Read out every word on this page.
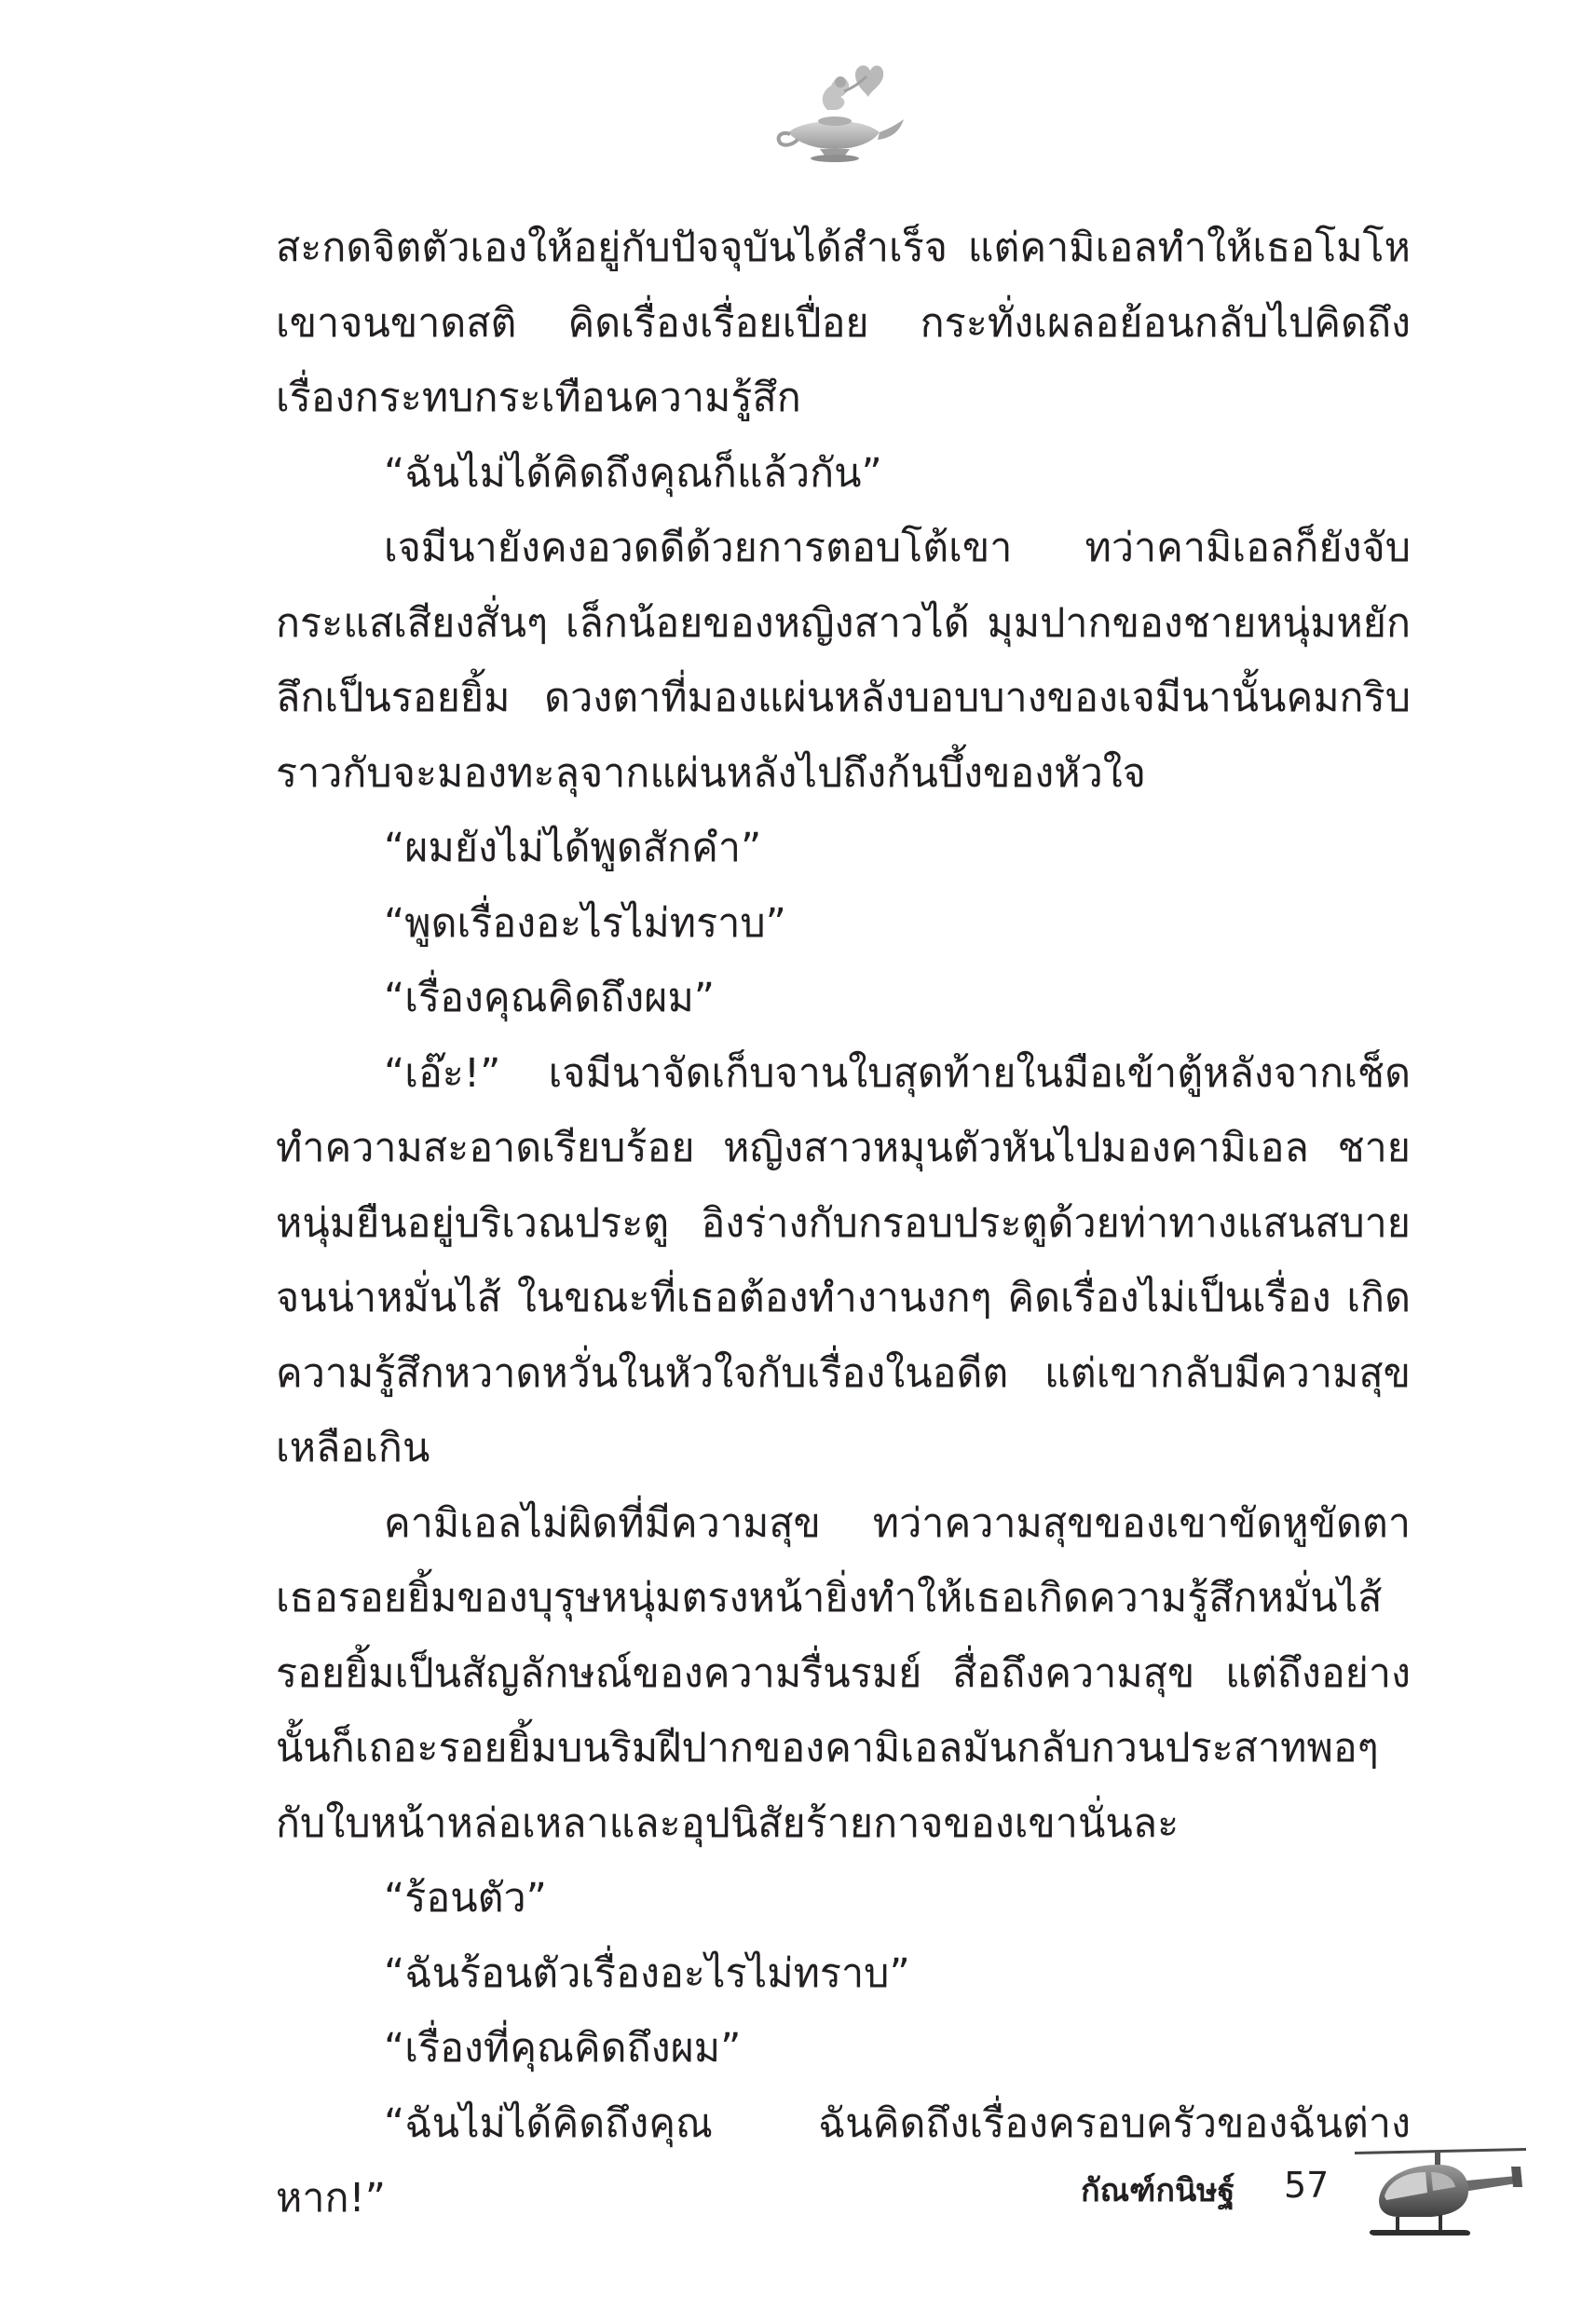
สะกดจิตตัวเองให้อยู่กับปัจจุบันได้สำเร็จ แต่คามิเอลทำให้เธอโมโหเขาจนขาดสติ คิดเรื่องเรื่อยเปื่อย กระทั่งเผลอย้อนกลับไปคิดถึงเรื่องกระทบกระเทือนความรู้สึก

“ฉันไม่ได้คิดถึงคุณก็แล้วกัน”

เจมีนายังคงอวดดีด้วยการตอบโต้เขา ทว่าคามิเอลก็ยังจับกระแสเสียงสั่นๆ เล็กน้อยของหญิงสาวได้ มุมปากของชายหนุ่มหยักลึกเป็นรอยยิ้ม ดวงตาที่มองแผ่นหลังบอบบางของเจมีนานั้นคมกริบราวกับจะมองทะลุจากแผ่นหลังไปถึงก้นบึ้งของหัวใจ

“ผมยังไม่ได้พูดสักคำ”

“พูดเรื่องอะไรไม่ทราบ”

“เรื่องคุณคิดถึงผม”

“เอ๊ะ!” เจมีนาจัดเก็บจานใบสุดท้ายในมือเข้าตู้หลังจากเช็ดทำความสะอาดเรียบร้อย หญิงสาวหมุนตัวหันไปมองคามิเอล ชายหนุ่มยืนอยู่บริเวณประตู อิงร่างกับกรอบประตูด้วยท่าทางแสนสบายจนน่าหมั่นไส้ ในขณะที่เธอต้องทำงานงกๆ คิดเรื่องไม่เป็นเรื่อง เกิดความรู้สึกหวาดหวั่นในหัวใจกับเรื่องในอดีต แต่เขากลับมีความสุขเหลือเกิน

คามิเอลไม่ผิดที่มีความสุข ทว่าความสุขของเขาขัดหูขัดตาเธอรอยยิ้มของบุรุษหนุ่มตรงหน้ายิ่งทำให้เธอเกิดความรู้สึกหมั่นไส้ รอยยิ้มเป็นสัญลักษณ์ของความรื่นรมย์ สื่อถึงความสุข แต่ถึงอย่างนั้นก็เถอะรอยยิ้มบนริมฝีปากของคามิเอลมันกลับกวนประสาทพอๆ กับใบหน้าหล่อเหลาและอุปนิสัยร้ายกาจของเขานั่นละ

“ร้อนตัว”

“ฉันร้อนตัวเรื่องอะไรไม่ทราบ”

“เรื่องที่คุณคิดถึงผม”

“ฉันไม่ได้คิดถึงคุณ ฉันคิดถึงเรื่องครอบครัวของฉันต่างหาก!”	กัณฑ์กนิษฐ์ 57
